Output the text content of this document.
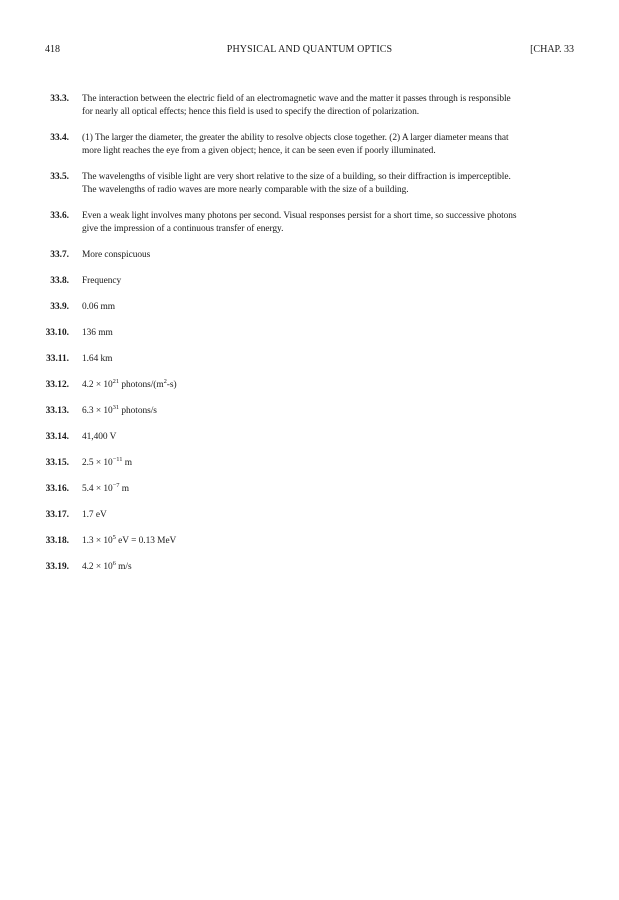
418	PHYSICAL AND QUANTUM OPTICS	[CHAP. 33
33.3. The interaction between the electric field of an electromagnetic wave and the matter it passes through is responsible
for nearly all optical effects; hence this field is used to specify the direction of polarization.
33.4. (1) The larger the diameter, the greater the ability to resolve objects close together. (2) A larger diameter means that
more light reaches the eye from a given object; hence, it can be seen even if poorly illuminated.
33.5. The wavelengths of visible light are very short relative to the size of a building, so their diffraction is imperceptible.
The wavelengths of radio waves are more nearly comparable with the size of a building.
33.6. Even a weak light involves many photons per second. Visual responses persist for a short time, so successive photons
give the impression of a continuous transfer of energy.
33.7. More conspicuous
33.8. Frequency
33.9. 0.06 mm
33.10. 136 mm
33.11. 1.64 km
33.12. $4.2 \times 10^{21}$ photons/$(m^2-s)$
33.13. $6.3 \times 10^{31}$ photons/s
33.14. 41,400 V
33.15. $2.5 \times 10^{-11}$ m
33.16. $5.4 \times 10^{-7}$ m
33.17. 1.7 eV
33.18. $1.3 \times 10^5$ eV = 0.13 MeV
33.19. $4.2 \times 10^6$ m/s
